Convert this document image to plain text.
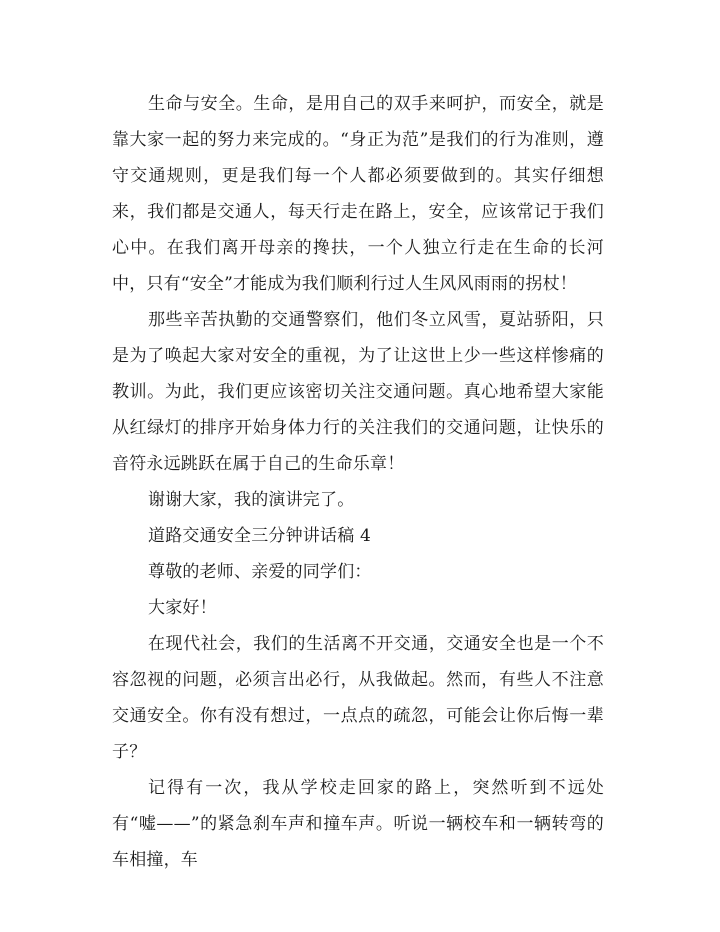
生命与安全。生命，是用自己的双手来呵护，而安全，就是靠大家一起的努力来完成的。“身正为范”是我们的行为准则，遵守交通规则，更是我们每一个人都必须要做到的。其实仔细想来，我们都是交通人，每天行走在路上，安全，应该常记于我们心中。在我们离开母亲的搀扶，一个人独立行走在生命的长河中，只有“安全”才能成为我们顺利行过人生风风雨雨的拐杖！

那些辛苦执勤的交通警察们，他们冬立风雪，夏站骄阳，只是为了唤起大家对安全的重视，为了让这世上少一些这样惨痛的教训。为此，我们更应该密切关注交通问题。真心地希望大家能从红绿灯的排序开始身体力行的关注我们的交通问题，让快乐的音符永远跳跃在属于自己的生命乐章！

谢谢大家，我的演讲完了。

道路交通安全三分钟讲话稿 4

尊敬的老师、亲爱的同学们：

大家好！

在现代社会，我们的生活离不开交通，交通安全也是一个不容忽视的问题，必须言出必行，从我做起。然而，有些人不注意交通安全。你有没有想过，一点点的疏忽，可能会让你后悔一辈子？

记得有一次，我从学校走回家的路上，突然听到不远处有“嘘——”的紧急刹车声和撞车声。听说一辆校车和一辆转弯的车相撞，车
